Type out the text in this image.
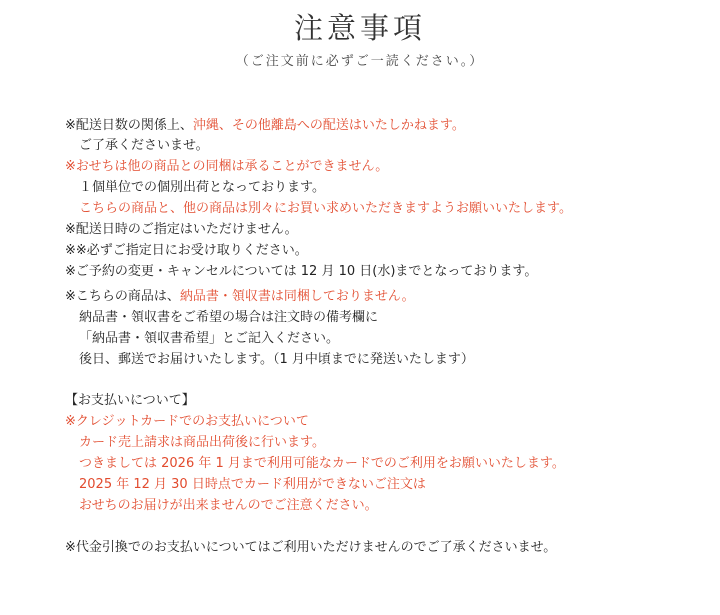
注意事項
（ご注文前に必ずご一読ください。）

※配送日数の関係上、沖縄、その他離島への配送はいたしかねます。

ご了承くださいませ。

※おせちは他の商品との同梱は承ることができません。

１個単位での個別出荷となっております。

こちらの商品と、他の商品は別々にお買い求めいただきますようお願いいたします。

※配送日時のご指定はいただけません。

※※必ずご指定日にお受け取りください。

※ご予約の変更・キャンセルについては 12 月 10 日(水)までとなっております。

※こちらの商品は、納品書・領収書は同梱しておりません。

納品書・領収書をご希望の場合は注文時の備考欄に

「納品書・領収書希望」とご記入ください。

後日、郵送でお届けいたします。（1 月中頃までに発送いたします）

【お支払いについて】

※クレジットカードでのお支払いについて

カード売上請求は商品出荷後に行います。

つきましては 2026 年 1 月まで利用可能なカードでのご利用をお願いいたします。

2025 年 12 月 30 日時点でカード利用ができないご注文は

おせちのお届けが出来ませんのでご注意ください。

※代金引換でのお支払いについてはご利用いただけませんのでご了承くださいませ。
